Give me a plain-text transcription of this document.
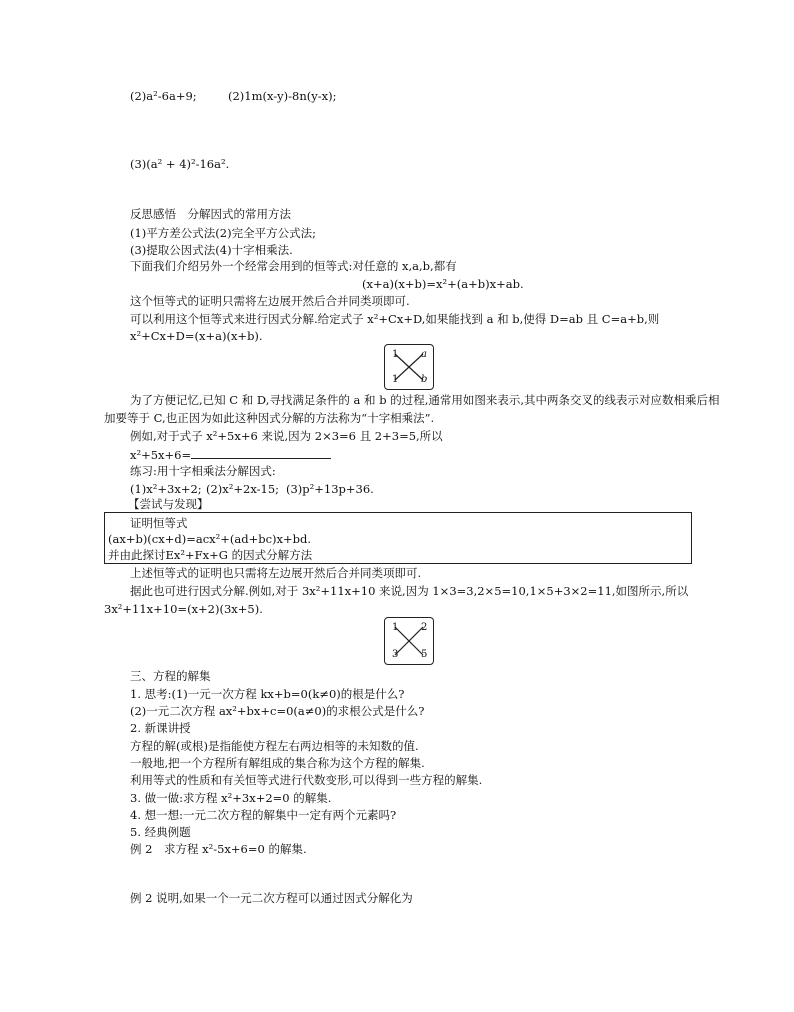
(2)a²-6a+9;	(2)1m(x-y)-8n(y-x);
(3)(a² + 4)²-16a².
反思感悟　分解因式的常用方法
(1)平方差公式法(2)完全平方公式法;
(3)提取公因式法(4)十字相乘法.
下面我们介绍另外一个经常会用到的恒等式:对任意的 x,a,b,都有
(x+a)(x+b)=x²+(a+b)x+ab.
这个恒等式的证明只需将左边展开然后合并同类项即可.
可以利用这个恒等式来进行因式分解.给定式子 x²+Cx+D,如果能找到 a 和 b,使得 D=ab 且 C=a+b,则
x²+Cx+D=(x+a)(x+b).
1 a
1 b
为了方便记忆,已知 C 和 D,寻找满足条件的 a 和 b 的过程,通常用如图来表示,其中两条交叉的线表示对应数相乘后相
加要等于 C,也正因为如此这种因式分解的方法称为“十字相乘法”.
例如,对于式子 x²+5x+6 来说,因为 2×3=6 且 2+3=5,所以
x²+5x+6=
练习:用十字相乘法分解因式:
(1)x²+3x+2; (2)x²+2x-15; (3)p²+13p+36.
【尝试与发现】
证明恒等式
(ax+b)(cx+d)=acx²+(ad+bc)x+bd.
并由此探讨Ex²+Fx+G 的因式分解方法
上述恒等式的证明也只需将左边展开然后合并同类项即可.
据此也可进行因式分解.例如,对于 3x²+11x+10 来说,因为 1×3=3,2×5=10,1×5+3×2=11,如图所示,所以
3x²+11x+10=(x+2)(3x+5).
1 2
3 5
三、方程的解集
1. 思考:(1)一元一次方程 kx+b=0(k≠0)的根是什么?
(2)一元二次方程 ax²+bx+c=0(a≠0)的求根公式是什么?
2. 新课讲授
方程的解(或根)是指能使方程左右两边相等的未知数的值.
一般地,把一个方程所有解组成的集合称为这个方程的解集.
利用等式的性质和有关恒等式进行代数变形,可以得到一些方程的解集.
3. 做一做:求方程 x²+3x+2=0 的解集.
4. 想一想:一元二次方程的解集中一定有两个元素吗?
5. 经典例题
例 2　求方程 x²-5x+6=0 的解集.
例 2 说明,如果一个一元二次方程可以通过因式分解化为
